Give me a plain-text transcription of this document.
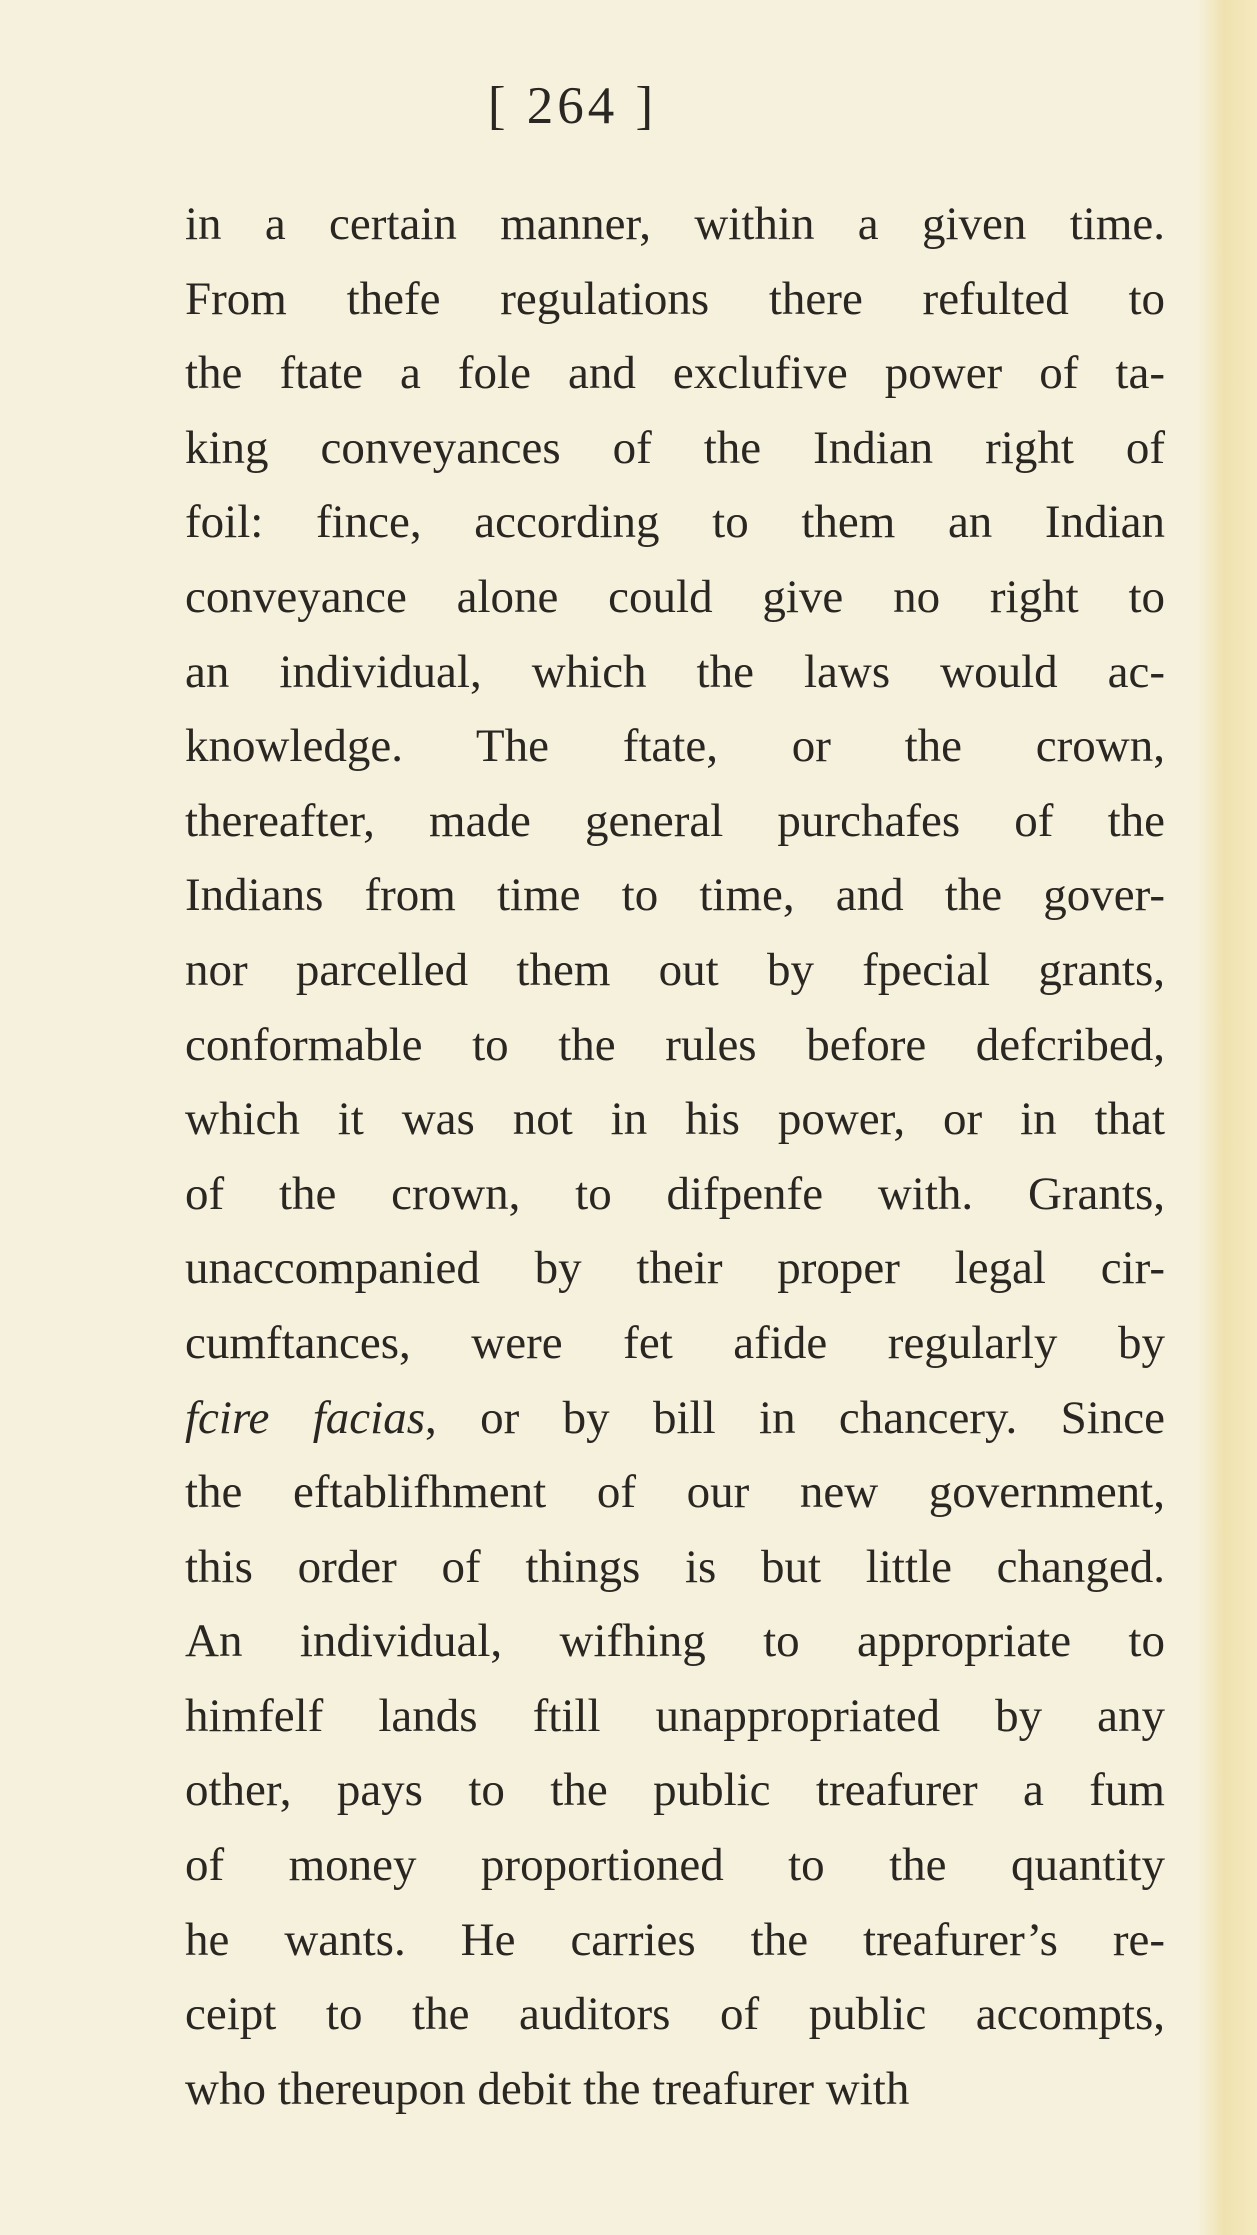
[ 264 ]
in a certain manner, within a given time.
From thefe regulations there refulted to
the ftate a fole and exclufive power of ta-
king conveyances of the Indian right of
foil: fince, according to them an Indian
conveyance alone could give no right to
an individual, which the laws would ac-
knowledge. The ftate, or the crown,
thereafter, made general purchafes of the
Indians from time to time, and the gover-
nor parcelled them out by fpecial grants,
conformable to the rules before defcribed,
which it was not in his power, or in that
of the crown, to difpenfe with. Grants,
unaccompanied by their proper legal cir-
cumftances, were fet afide regularly by
fcire facias, or by bill in chancery. Since
the eftablifhment of our new government,
this order of things is but little changed.
An individual, wifhing to appropriate to
himfelf lands ftill unappropriated by any
other, pays to the public treafurer a fum
of money proportioned to the quantity
he wants. He carries the treafurer’s re-
ceipt to the auditors of public accompts,
who thereupon debit the treafurer with
